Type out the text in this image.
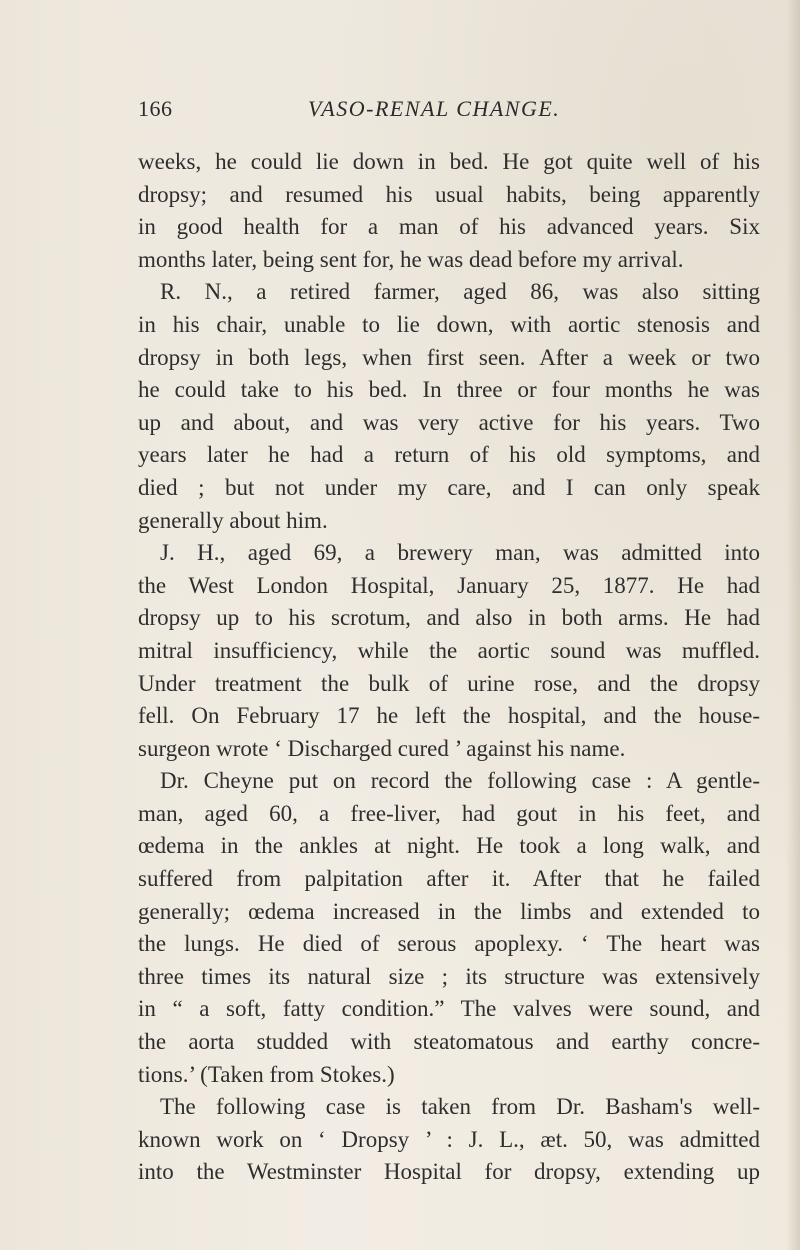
166	VASO-RENAL CHANGE.
weeks, he could lie down in bed. He got quite well of his
dropsy; and resumed his usual habits, being apparently
in good health for a man of his advanced years. Six
months later, being sent for, he was dead before my arrival.
R. N., a retired farmer, aged 86, was also sitting
in his chair, unable to lie down, with aortic stenosis and
dropsy in both legs, when first seen. After a week or two
he could take to his bed. In three or four months he was
up and about, and was very active for his years. Two
years later he had a return of his old symptoms, and
died ; but not under my care, and I can only speak
generally about him.
J. H., aged 69, a brewery man, was admitted into
the West London Hospital, January 25, 1877. He had
dropsy up to his scrotum, and also in both arms. He had
mitral insufficiency, while the aortic sound was muffled.
Under treatment the bulk of urine rose, and the dropsy
fell. On February 17 he left the hospital, and the house-
surgeon wrote ‘ Discharged cured ’ against his name.
Dr. Cheyne put on record the following case : A gentle-
man, aged 60, a free-liver, had gout in his feet, and
œdema in the ankles at night. He took a long walk, and
suffered from palpitation after it. After that he failed
generally; œdema increased in the limbs and extended to
the lungs. He died of serous apoplexy. ‘ The heart was
three times its natural size ; its structure was extensively
in “ a soft, fatty condition.” The valves were sound, and
the aorta studded with steatomatous and earthy concre-
tions.’ (Taken from Stokes.)
The following case is taken from Dr. Basham's well-
known work on ‘ Dropsy ’ : J. L., æt. 50, was admitted
into the Westminster Hospital for dropsy, extending up
